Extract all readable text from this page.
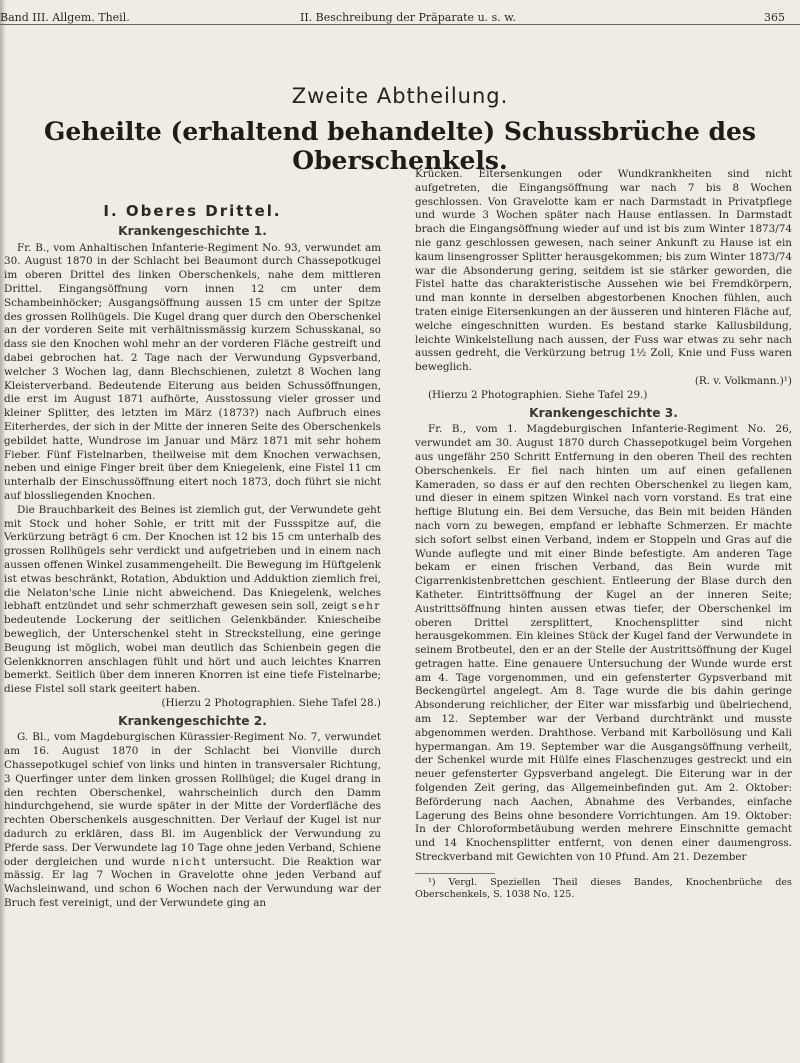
Band III. Allgem. Theil.	II. Beschreibung der Präparate u. s. w.	365
Zweite Abtheilung.
Geheilte (erhaltend behandelte) Schussbrüche des Oberschenkels.
I. Oberes Drittel.
Krankengeschichte 1.

Fr. B., vom Anhaltischen Infanterie-Regiment No. 93, verwundet am 30. August 1870 in der Schlacht bei Beaumont durch Chassepotkugel im oberen Drittel des linken Oberschenkels, nahe dem mittleren Drittel. Eingangsöffnung vorn innen 12 cm unter dem Schambeinhöcker; Ausgangsöffnung aussen 15 cm unter der Spitze des grossen Rollhügels. Die Kugel drang quer durch den Oberschenkel an der vorderen Seite mit verhältnissmässig kurzem Schusskanal, so dass sie den Knochen wohl mehr an der vorderen Fläche gestreift und dabei gebrochen hat. 2 Tage nach der Verwundung Gypsverband, welcher 3 Wochen lag, dann Blechschienen, zuletzt 8 Wochen lang Kleisterverband. Bedeutende Eiterung aus beiden Schussöffnungen, die erst im August 1871 aufhörte, Ausstossung vieler grosser und kleiner Splitter, des letzten im März (1873?) nach Aufbruch eines Eiterherdes, der sich in der Mitte der inneren Seite des Oberschenkels gebildet hatte, Wundrose im Januar und März 1871 mit sehr hohem Fieber. Fünf Fistelnarben, theilweise mit dem Knochen verwachsen, neben und einige Finger breit über dem Kniegelenk, eine Fistel 11 cm unterhalb der Einschussöffnung eitert noch 1873, doch führt sie nicht auf blossliegenden Knochen.

Die Brauchbarkeit des Beines ist ziemlich gut, der Verwundete geht mit Stock und hoher Sohle, er tritt mit der Fussspitze auf, die Verkürzung beträgt 6 cm. Der Knochen ist 12 bis 15 cm unterhalb des grossen Rollhügels sehr verdickt und aufgetrieben und in einem nach aussen offenen Winkel zusammengeheilt. Die Bewegung im Hüftgelenk ist etwas beschränkt, Rotation, Abduktion und Adduktion ziemlich frei, die Nelaton'sche Linie nicht abweichend. Das Kniegelenk, welches lebhaft entzündet und sehr schmerzhaft gewesen sein soll, zeigt sehr bedeutende Lockerung der seitlichen Gelenkbänder. Kniescheibe beweglich, der Unterschenkel steht in Streckstellung, eine geringe Beugung ist möglich, wobei man deutlich das Schienbein gegen die Gelenkknorren anschlagen fühlt und hört und auch leichtes Knarren bemerkt. Seitlich über dem inneren Knorren ist eine tiefe Fistelnarbe; diese Fistel soll stark geeitert haben.

(Hierzu 2 Photographien. Siehe Tafel 28.)

Krankengeschichte 2.

G. Bl., vom Magdeburgischen Kürassier-Regiment No. 7, verwundet am 16. August 1870 in der Schlacht bei Vionville durch Chassepotkugel schief von links und hinten in transversaler Richtung, 3 Querfinger unter dem linken grossen Rollhügel; die Kugel drang in den rechten Oberschenkel, wahrscheinlich durch den Damm hindurchgehend, sie wurde später in der Mitte der Vorderfläche des rechten Oberschenkels ausgeschnitten. Der Verlauf der Kugel ist nur dadurch zu erklären, dass Bl. im Augenblick der Verwundung zu Pferde sass. Der Verwundete lag 10 Tage ohne jeden Verband, Schiene oder dergleichen und wurde nicht untersucht. Die Reaktion war mässig. Er lag 7 Wochen in Gravelotte ohne jeden Verband auf Wachsleinwand, und schon 6 Wochen nach der Verwundung war der Bruch fest vereinigt, und der Verwundete ging an

Krücken. Eitersenkungen oder Wundkrankheiten sind nicht aufgetreten, die Eingangsöffnung war nach 7 bis 8 Wochen geschlossen. Von Gravelotte kam er nach Darmstadt in Privatpflege und wurde 3 Wochen später nach Hause entlassen. In Darmstadt brach die Eingangsöffnung wieder auf und ist bis zum Winter 1873/74 nie ganz geschlossen gewesen, nach seiner Ankunft zu Hause ist ein kaum linsengrosser Splitter herausgekommen; bis zum Winter 1873/74 war die Absonderung gering, seitdem ist sie stärker geworden, die Fistel hatte das charakteristische Aussehen wie bei Fremdkörpern, und man konnte in derselben abgestorbenen Knochen fühlen, auch traten einige Eitersenkungen an der äusseren und hinteren Fläche auf, welche eingeschnitten wurden. Es bestand starke Kallusbildung, leichte Winkelstellung nach aussen, der Fuss war etwas zu sehr nach aussen gedreht, die Verkürzung betrug 1½ Zoll, Knie und Fuss waren beweglich.

(R. v. Volkmann.)¹)

(Hierzu 2 Photographien. Siehe Tafel 29.)

Krankengeschichte 3.

Fr. B., vom 1. Magdeburgischen Infanterie-Regiment No. 26, verwundet am 30. August 1870 durch Chassepotkugel beim Vorgehen aus ungefähr 250 Schritt Entfernung in den oberen Theil des rechten Oberschenkels. Er fiel nach hinten um auf einen gefallenen Kameraden, so dass er auf den rechten Oberschenkel zu liegen kam, und dieser in einem spitzen Winkel nach vorn vorstand. Es trat eine heftige Blutung ein. Bei dem Versuche, das Bein mit beiden Händen nach vorn zu bewegen, empfand er lebhafte Schmerzen. Er machte sich sofort selbst einen Verband, indem er Stoppeln und Gras auf die Wunde auflegte und mit einer Binde befestigte. Am anderen Tage bekam er einen frischen Verband, das Bein wurde mit Cigarrenkistenbrettchen geschient. Entleerung der Blase durch den Katheter. Eintrittsöffnung der Kugel an der inneren Seite; Austrittsöffnung hinten aussen etwas tiefer, der Oberschenkel im oberen Drittel zersplittert, Knochensplitter sind nicht herausgekommen. Ein kleines Stück der Kugel fand der Verwundete in seinem Brotbeutel, den er an der Stelle der Austrittsöffnung der Kugel getragen hatte. Eine genauere Untersuchung der Wunde wurde erst am 4. Tage vorgenommen, und ein gefensterter Gypsverband mit Beckengürtel angelegt. Am 8. Tage wurde die bis dahin geringe Absonderung reichlicher, der Eiter war missfarbig und übelriechend, am 12. September war der Verband durchtränkt und musste abgenommen werden. Drahthose. Verband mit Karbollösung und Kali hypermangan. Am 19. September war die Ausgangsöffnung verheilt, der Schenkel wurde mit Hülfe eines Flaschenzuges gestreckt und ein neuer gefensterter Gypsverband angelegt. Die Eiterung war in der folgenden Zeit gering, das Allgemeinbefinden gut. Am 2. Oktober: Beförderung nach Aachen, Abnahme des Verbandes, einfache Lagerung des Beins ohne besondere Vorrichtungen. Am 19. Oktober: In der Chloroformbetäubung werden mehrere Einschnitte gemacht und 14 Knochensplitter entfernt, von denen einer daumengross. Streckverband mit Gewichten von 10 Pfund. Am 21. Dezember

¹) Vergl. Speziellen Theil dieses Bandes, Knochenbrüche des Oberschenkels, S. 1038 No. 125.
